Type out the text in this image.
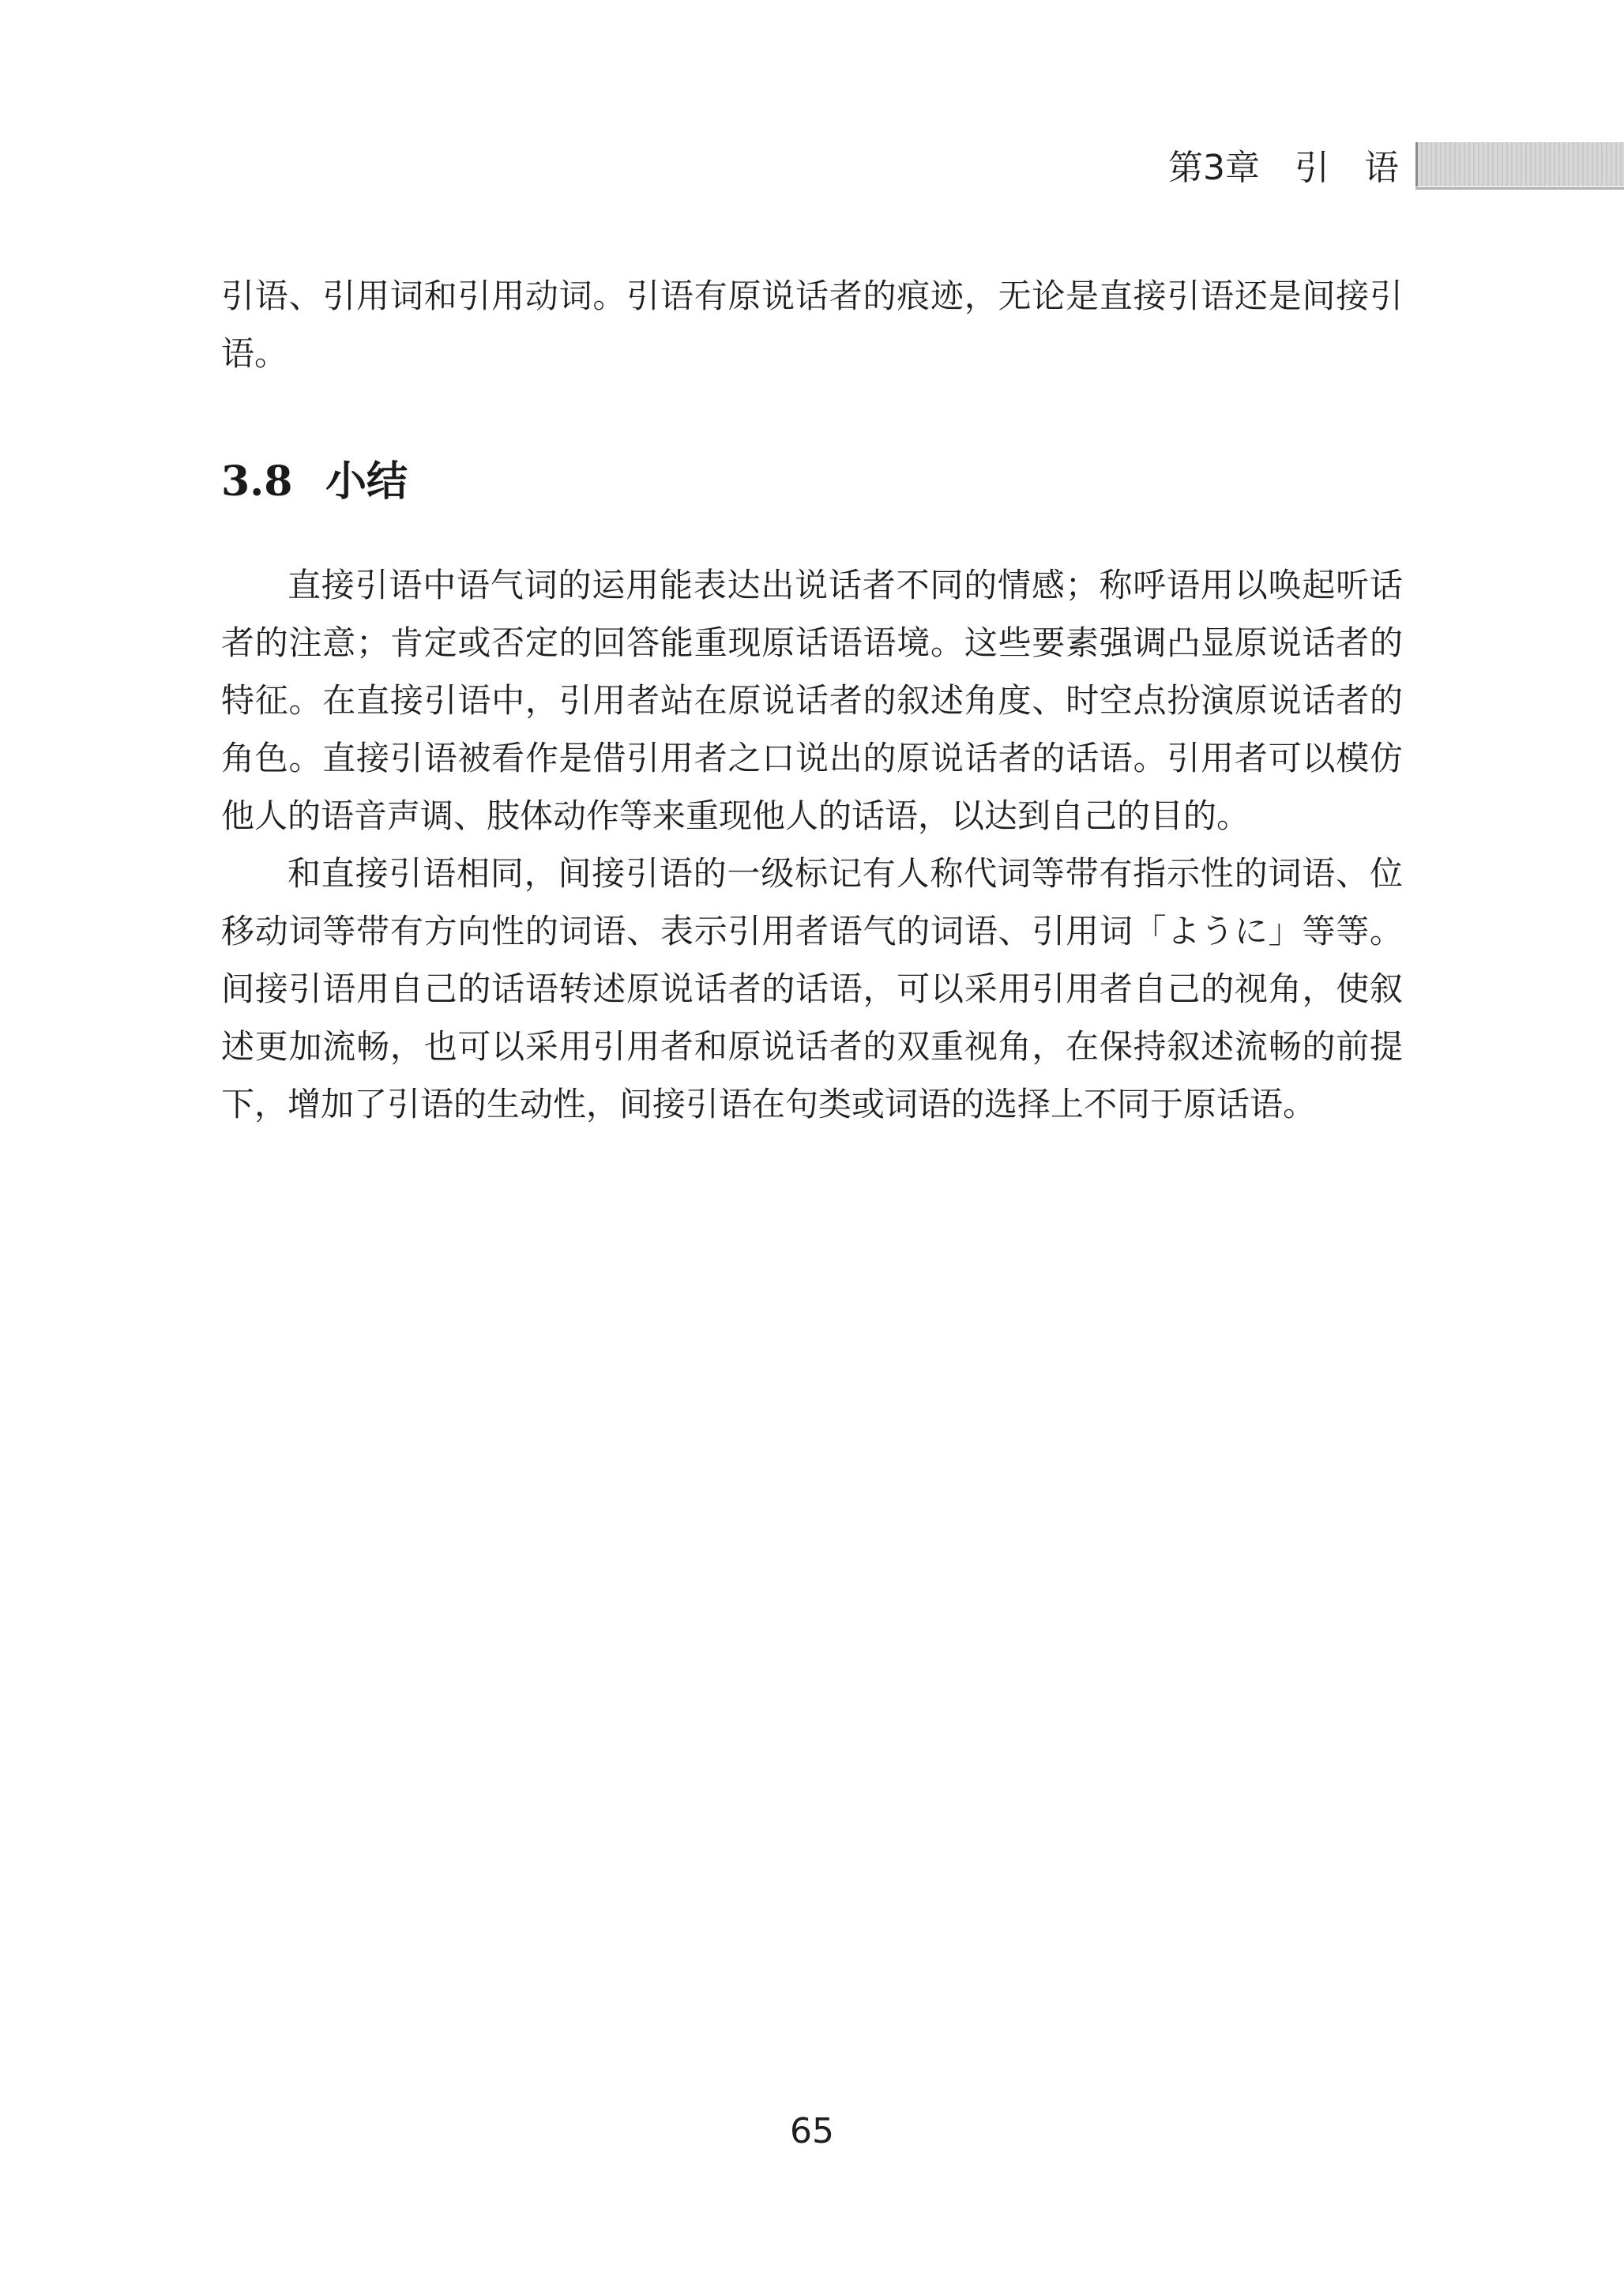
第3章　引　语

引语、引用词和引用动词。引语有原说话者的痕迹，无论是直接引语还是间接引语。

3.8 小结

直接引语中语气词的运用能表达出说话者不同的情感；称呼语用以唤起听话者的注意；肯定或否定的回答能重现原话语语境。这些要素强调凸显原说话者的特征。在直接引语中，引用者站在原说话者的叙述角度、时空点扮演原说话者的角色。直接引语被看作是借引用者之口说出的原说话者的话语。引用者可以模仿他人的语音声调、肢体动作等来重现他人的话语，以达到自己的目的。

和直接引语相同，间接引语的一级标记有人称代词等带有指示性的词语、位移动词等带有方向性的词语、表示引用者语气的词语、引用词「ように」等等。间接引语用自己的话语转述原说话者的话语，可以采用引用者自己的视角，使叙述更加流畅，也可以采用引用者和原说话者的双重视角，在保持叙述流畅的前提下，增加了引语的生动性，间接引语在句类或词语的选择上不同于原话语。

65
